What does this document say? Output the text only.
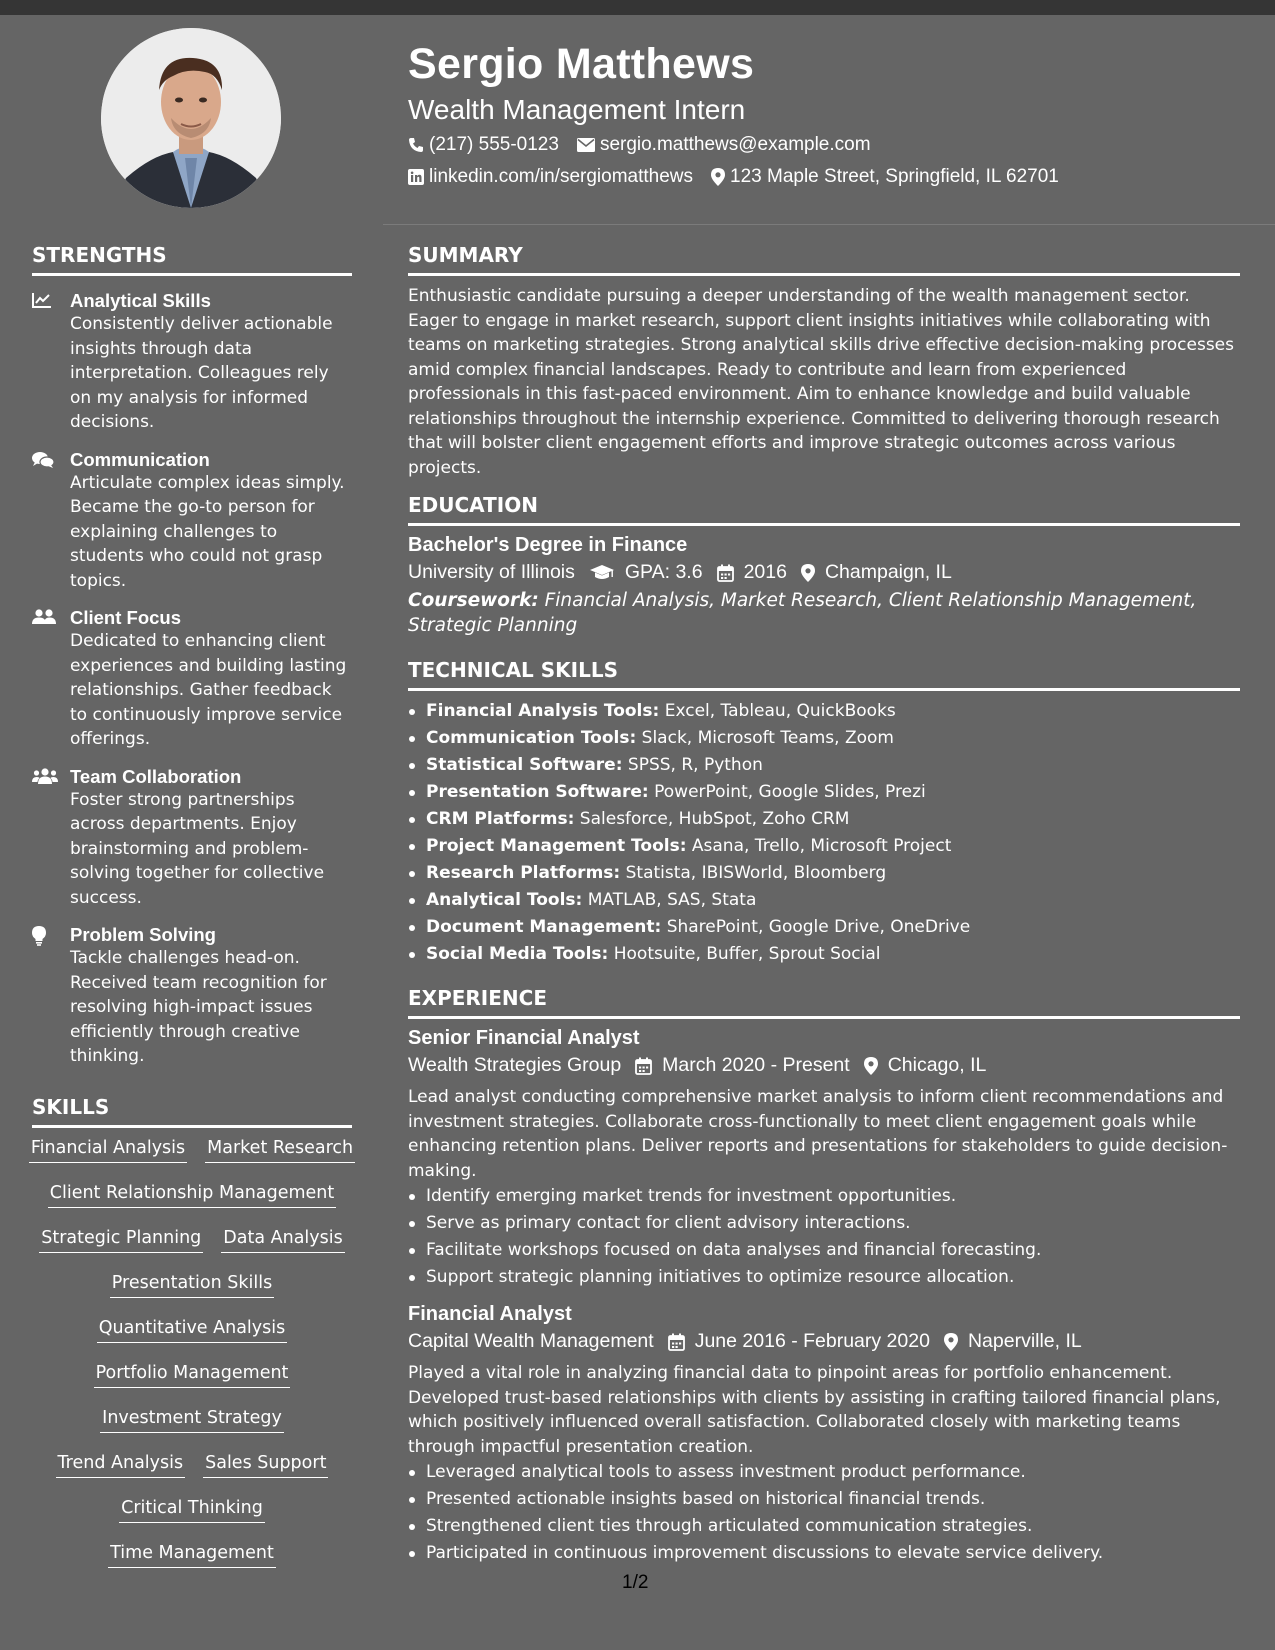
Sergio Matthews
Wealth Management Intern
(217) 555-0123 sergio.matthews@example.com
linkedin.com/in/sergiomatthews 123 Maple Street, Springfield, IL 62701
STRENGTHS
Analytical Skills
Consistently deliver actionable insights through data interpretation. Colleagues rely on my analysis for informed decisions.
Communication
Articulate complex ideas simply. Became the go-to person for explaining challenges to students who could not grasp topics.
Client Focus
Dedicated to enhancing client experiences and building lasting relationships. Gather feedback to continuously improve service offerings.
Team Collaboration
Foster strong partnerships across departments. Enjoy brainstorming and problem-solving together for collective success.
Problem Solving
Tackle challenges head-on. Received team recognition for resolving high-impact issues efficiently through creative thinking.
SKILLS
Financial Analysis Market Research
Client Relationship Management
Strategic Planning Data Analysis
Presentation Skills
Quantitative Analysis
Portfolio Management
Investment Strategy
Trend Analysis Sales Support
Critical Thinking
Time Management
SUMMARY

Enthusiastic candidate pursuing a deeper understanding of the wealth management sector. Eager to engage in market research, support client insights initiatives while collaborating with teams on marketing strategies. Strong analytical skills drive effective decision-making processes amid complex financial landscapes. Ready to contribute and learn from experienced professionals in this fast-paced environment. Aim to enhance knowledge and build valuable relationships throughout the internship experience. Committed to delivering thorough research that will bolster client engagement efforts and improve strategic outcomes across various projects.

EDUCATION
Bachelor's Degree in Finance
University of Illinois	GPA: 3.6 2016 Champaign, IL
Coursework: Financial Analysis, Market Research, Client Relationship Management, Strategic Planning
TECHNICAL SKILLS
Financial Analysis Tools: Excel, Tableau, QuickBooks
Communication Tools: Slack, Microsoft Teams, Zoom
Statistical Software: SPSS, R, Python
Presentation Software: PowerPoint, Google Slides, Prezi
CRM Platforms: Salesforce, HubSpot, Zoho CRM
Project Management Tools: Asana, Trello, Microsoft Project
Research Platforms: Statista, IBISWorld, Bloomberg
Analytical Tools: MATLAB, SAS, Stata
Document Management: SharePoint, Google Drive, OneDrive
Social Media Tools: Hootsuite, Buffer, Sprout Social
EXPERIENCE
Senior Financial Analyst
Wealth Strategies Group March 2020 - Present Chicago, IL
Lead analyst conducting comprehensive market analysis to inform client recommendations and investment strategies. Collaborate cross-functionally to meet client engagement goals while enhancing retention plans. Deliver reports and presentations for stakeholders to guide decision-making.
Identify emerging market trends for investment opportunities.
Serve as primary contact for client advisory interactions.
Facilitate workshops focused on data analyses and financial forecasting.
Support strategic planning initiatives to optimize resource allocation.
Financial Analyst
Capital Wealth Management June 2016 - February 2020 Naperville, IL
Played a vital role in analyzing financial data to pinpoint areas for portfolio enhancement. Developed trust-based relationships with clients by assisting in crafting tailored financial plans, which positively influenced overall satisfaction. Collaborated closely with marketing teams through impactful presentation creation.
Leveraged analytical tools to assess investment product performance.
Presented actionable insights based on historical financial trends.
Strengthened client ties through articulated communication strategies.
Participated in continuous improvement discussions to elevate service delivery.
1/2
